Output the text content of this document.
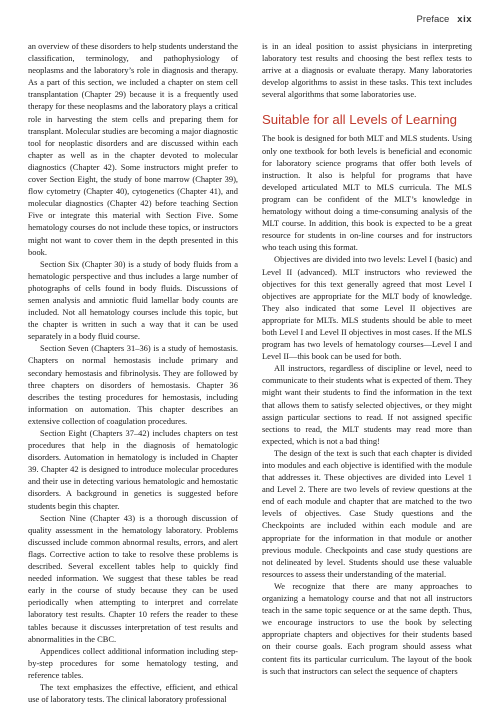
Preface xix

an overview of these disorders to help students understand the classification, terminology, and pathophysiology of neoplasms and the laboratory’s role in diagnosis and therapy. As a part of this section, we included a chapter on stem cell transplantation (Chapter 29) because it is a frequently used therapy for these neoplasms and the laboratory plays a critical role in harvesting the stem cells and preparing them for transplant. Molecular studies are becoming a major diagnostic tool for neoplastic disorders and are discussed within each chapter as well as in the chapter devoted to molecular diagnostics (Chapter 42). Some instructors might prefer to cover Section Eight, the study of bone marrow (Chapter 39), flow cytometry (Chapter 40), cytogenetics (Chapter 41), and molecular diagnostics (Chapter 42) before teaching Section Five or integrate this material with Section Five. Some hematology courses do not include these topics, or instructors might not want to cover them in the depth presented in this book.

Section Six (Chapter 30) is a study of body fluids from a hematologic perspective and thus includes a large number of photographs of cells found in body fluids. Discussions of semen analysis and amniotic fluid lamellar body counts are included. Not all hematology courses include this topic, but the chapter is written in such a way that it can be used separately in a body fluid course.

Section Seven (Chapters 31–36) is a study of hemostasis. Chapters on normal hemostasis include primary and secondary hemostasis and fibrinolysis. They are followed by three chapters on disorders of hemostasis. Chapter 36 describes the testing procedures for hemostasis, including information on automation. This chapter describes an extensive collection of coagulation procedures.

Section Eight (Chapters 37–42) includes chapters on test procedures that help in the diagnosis of hematologic disorders. Automation in hematology is included in Chapter 39. Chapter 42 is designed to introduce molecular procedures and their use in detecting various hematologic and hemostatic disorders. A background in genetics is suggested before students begin this chapter.

Section Nine (Chapter 43) is a thorough discussion of quality assessment in the hematology laboratory. Problems discussed include common abnormal results, errors, and alert flags. Corrective action to take to resolve these problems is described. Several excellent tables help to quickly find needed information. We suggest that these tables be read early in the course of study because they can be used periodically when attempting to interpret and correlate laboratory test results. Chapter 10 refers the reader to these tables because it discusses interpretation of test results and abnormalities in the CBC.

Appendices collect additional information including step-by-step procedures for some hematology testing, and reference tables.

The text emphasizes the effective, efficient, and ethical use of laboratory tests. The clinical laboratory professional

is in an ideal position to assist physicians in interpreting laboratory test results and choosing the best reflex tests to arrive at a diagnosis or evaluate therapy. Many laboratories develop algorithms to assist in these tasks. This text includes several algorithms that some laboratories use.

Suitable for all Levels of Learning

The book is designed for both MLT and MLS students. Using only one textbook for both levels is beneficial and economic for laboratory science programs that offer both levels of instruction. It also is helpful for programs that have developed articulated MLT to MLS curricula. The MLS program can be confident of the MLT’s knowledge in hematology without doing a time-consuming analysis of the MLT course. In addition, this book is expected to be a great resource for students in on-line courses and for instructors who teach using this format.

Objectives are divided into two levels: Level I (basic) and Level II (advanced). MLT instructors who reviewed the objectives for this text generally agreed that most Level I objectives are appropriate for the MLT body of knowledge. They also indicated that some Level II objectives are appropriate for MLTs. MLS students should be able to meet both Level I and Level II objectives in most cases. If the MLS program has two levels of hematology courses—Level I and Level II—this book can be used for both.

All instructors, regardless of discipline or level, need to communicate to their students what is expected of them. They might want their students to find the information in the text that allows them to satisfy selected objectives, or they might assign particular sections to read. If not assigned specific sections to read, the MLT students may read more than expected, which is not a bad thing!

The design of the text is such that each chapter is divided into modules and each objective is identified with the module that addresses it. These objectives are divided into Level 1 and Level 2. There are two levels of review questions at the end of each module and chapter that are matched to the two levels of objectives. Case Study questions and the Checkpoints are included within each module and are appropriate for the information in that module or another previous module. Checkpoints and case study questions are not delineated by level. Students should use these valuable resources to assess their understanding of the material.

We recognize that there are many approaches to organizing a hematology course and that not all instructors teach in the same topic sequence or at the same depth. Thus, we encourage instructors to use the book by selecting appropriate chapters and objectives for their students based on their course goals. Each program should assess what content fits its particular curriculum. The layout of the book is such that instructors can select the sequence of chapters
